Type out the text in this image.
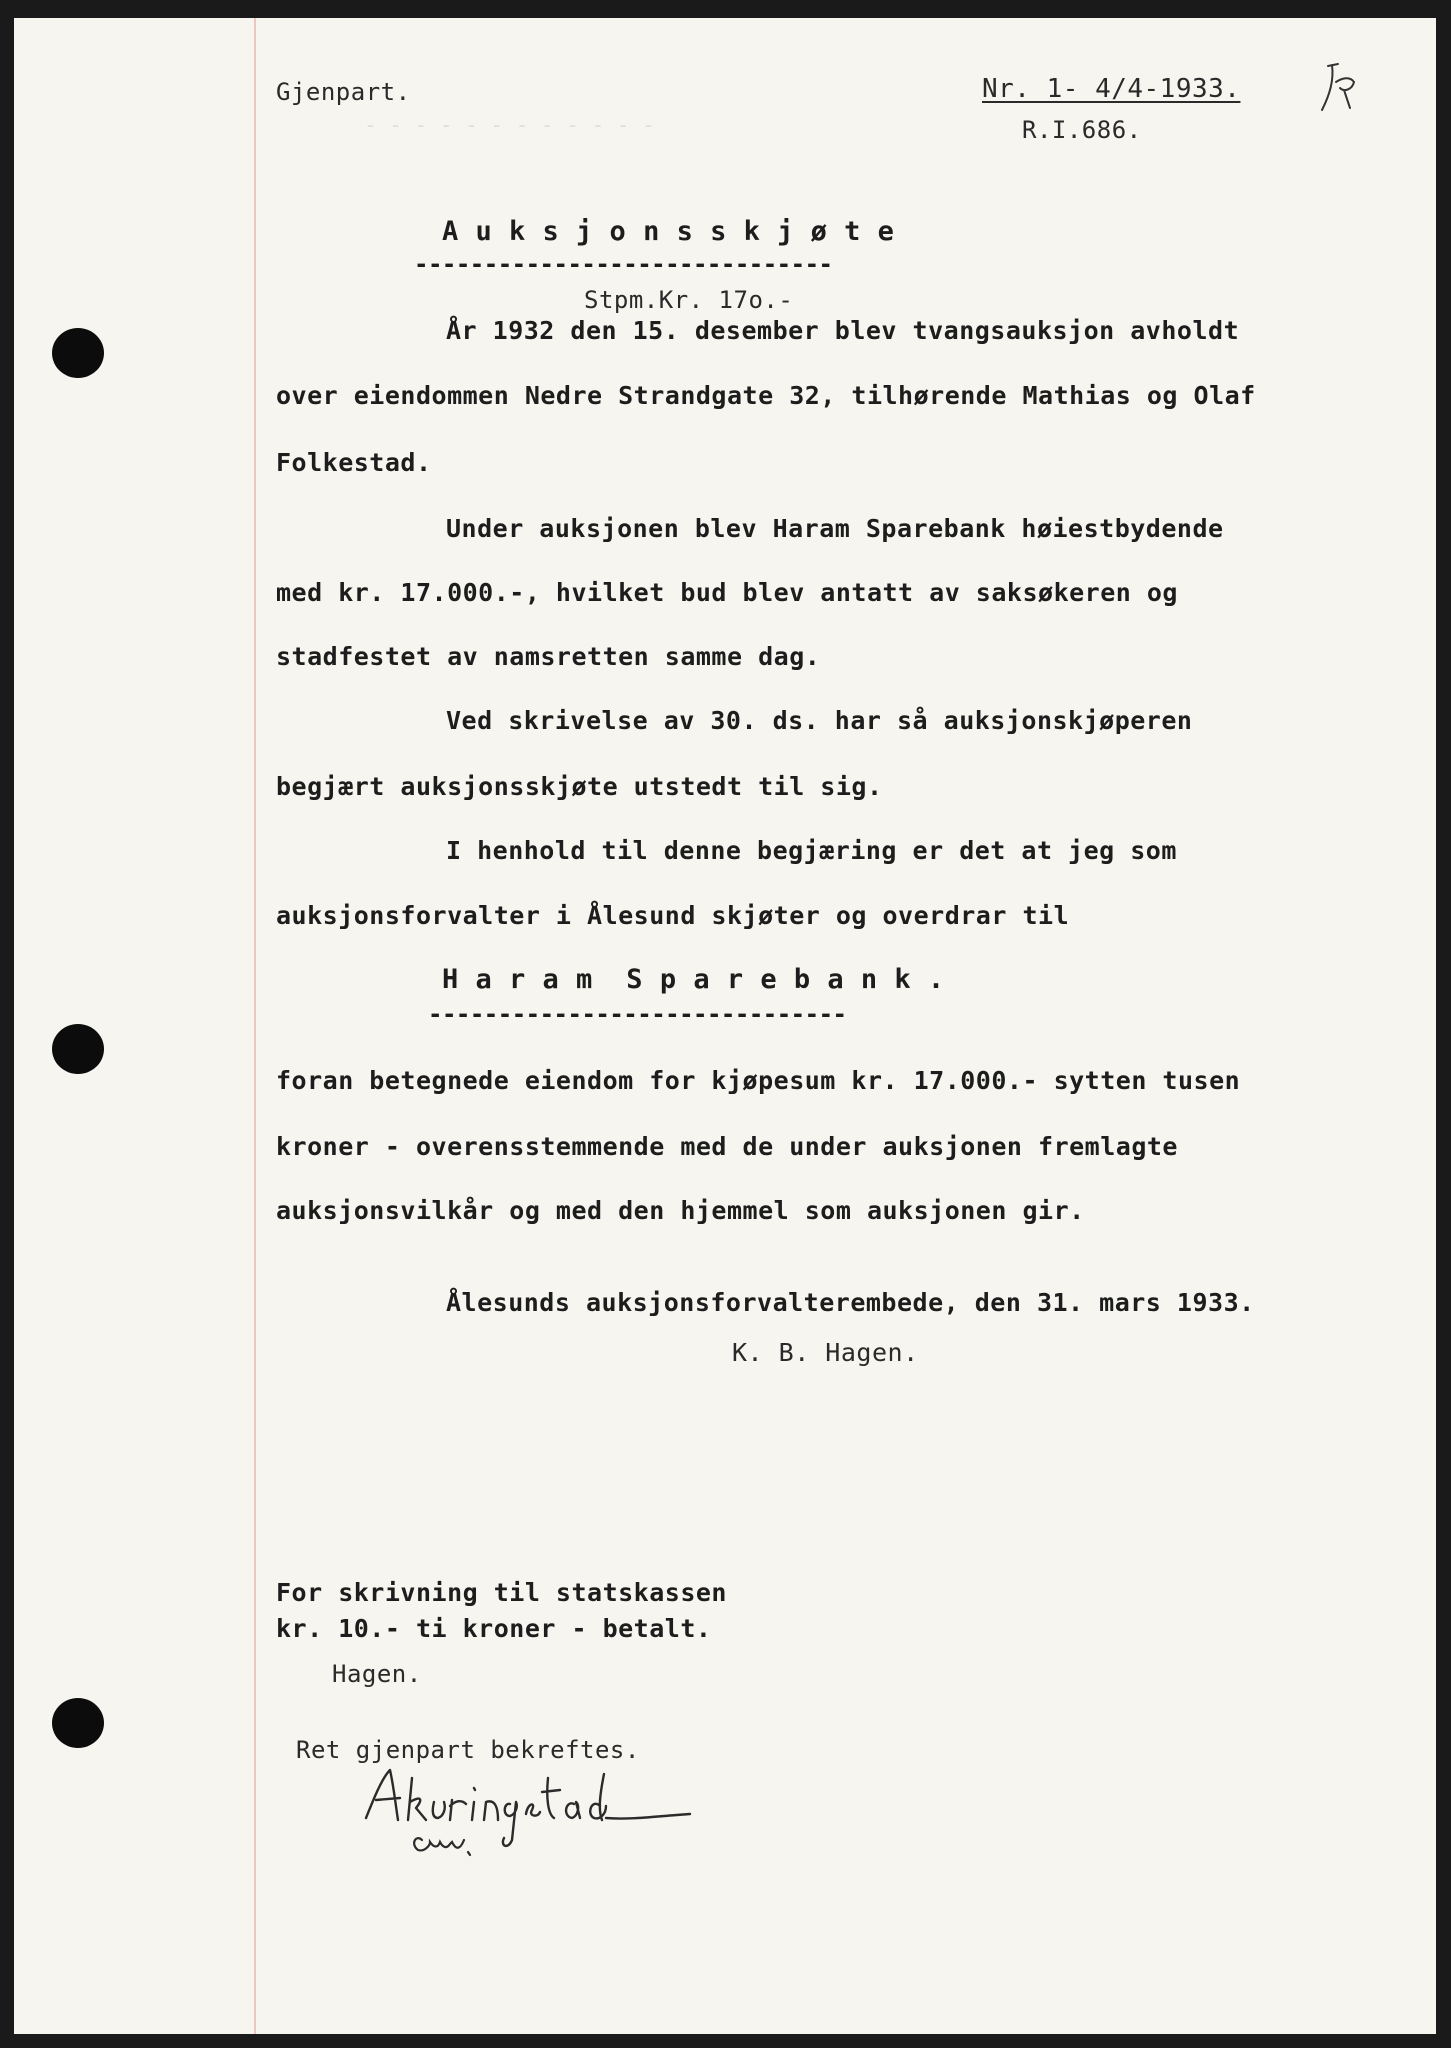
- - - - - - - - - - - -
Gjenpart.	Nr. 1- 4/4-1933.
R.I.686.
A u k s j o n s s k j ø t e
------------------------------
Stpm.Kr. 17o.-
År 1932 den 15. desember blev tvangsauksjon avholdt
over eiendommen Nedre Strandgate 32, tilhørende Mathias og Olaf
Folkestad.
Under auksjonen blev Haram Sparebank høiestbydende
med kr. 17.000.-, hvilket bud blev antatt av saksøkeren og
stadfestet av namsretten samme dag.
Ved skrivelse av 30. ds. har så auksjonskjøperen
begjært auksjonsskjøte utstedt til sig.
I henhold til denne begjæring er det at jeg som
auksjonsforvalter i Ålesund skjøter og overdrar til
H a r a m  S p a r e b a n k .
------------------------------
foran betegnede eiendom for kjøpesum kr. 17.000.- sytten tusen
kroner - overensstemmende med de under auksjonen fremlagte
auksjonsvilkår og med den hjemmel som auksjonen gir.
Ålesunds auksjonsforvalterembede, den 31. mars 1933.
K. B. Hagen.
For skrivning til statskassen
kr. 10.- ti kroner - betalt.
Hagen.
Ret gjenpart bekreftes.
